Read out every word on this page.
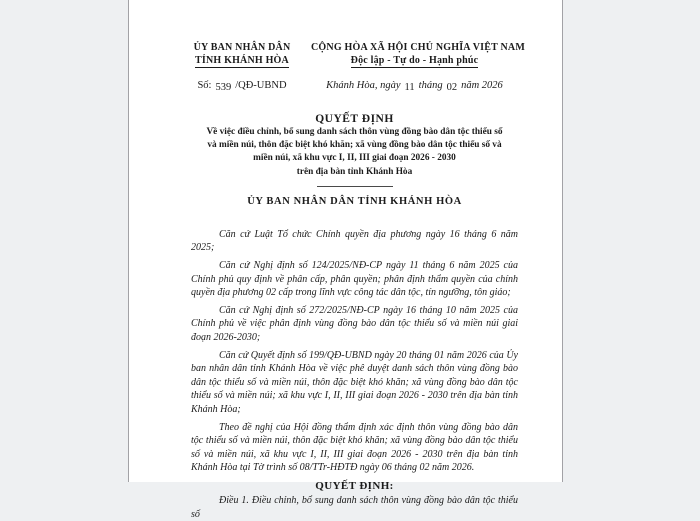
ỦY BAN NHÂN DÂN
TỈNH KHÁNH HÒA
Số: 539 /QĐ-UBND
CỘNG HÒA XÃ HỘI CHỦ NGHĨA VIỆT NAM
Độc lập - Tự do - Hạnh phúc
Khánh Hòa, ngày 11 tháng 02 năm 2026
QUYẾT ĐỊNH
Về việc điều chỉnh, bổ sung danh sách thôn vùng đồng bào dân tộc thiểu số
và miền núi, thôn đặc biệt khó khăn; xã vùng đồng bào dân tộc thiểu số và
miền núi, xã khu vực I, II, III giai đoạn 2026 - 2030
trên địa bàn tỉnh Khánh Hòa
ỦY BAN NHÂN DÂN TỈNH KHÁNH HÒA

Căn cứ Luật Tổ chức Chính quyền địa phương ngày 16 tháng 6 năm 2025;

Căn cứ Nghị định số 124/2025/NĐ-CP ngày 11 tháng 6 năm 2025 của Chính phủ quy định về phân cấp, phân quyền; phân định thẩm quyền của chính quyền địa phương 02 cấp trong lĩnh vực công tác dân tộc, tín ngưỡng, tôn giáo;

Căn cứ Nghị định số 272/2025/NĐ-CP ngày 16 tháng 10 năm 2025 của Chính phủ về việc phân định vùng đồng bào dân tộc thiểu số và miền núi giai đoạn 2026-2030;

Căn cứ Quyết định số 199/QĐ-UBND ngày 20 tháng 01 năm 2026 của Ủy ban nhân dân tỉnh Khánh Hòa về việc phê duyệt danh sách thôn vùng đồng bào dân tộc thiểu số và miền núi, thôn đặc biệt khó khăn; xã vùng đồng bào dân tộc thiểu số và miền núi; xã khu vực I, II, III giai đoạn 2026 - 2030 trên địa bàn tỉnh Khánh Hòa;

Theo đề nghị của Hội đồng thẩm định xác định thôn vùng đồng bào dân tộc thiểu số và miền núi, thôn đặc biệt khó khăn; xã vùng đồng bào dân tộc thiểu số và miền núi, xã khu vực I, II, III giai đoạn 2026 - 2030 trên địa bàn tỉnh Khánh Hòa tại Tờ trình số 08/TTr-HĐTĐ ngày 06 tháng 02 năm 2026.

QUYẾT ĐỊNH:

Điều 1. Điều chỉnh, bổ sung danh sách thôn vùng đồng bào dân tộc thiểu số
